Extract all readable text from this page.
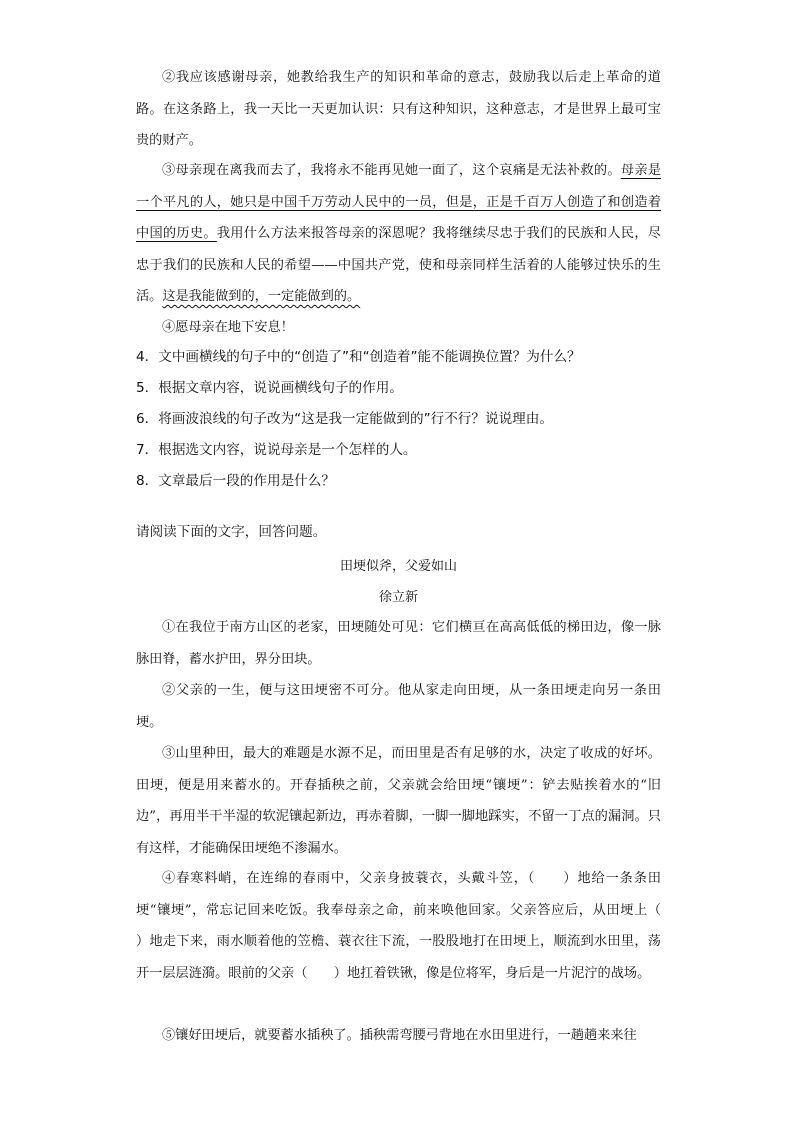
②我应该感谢母亲，她教给我生产的知识和革命的意志，鼓励我以后走上革命的道路。在这条路上，我一天比一天更加认识：只有这种知识，这种意志，才是世界上最可宝贵的财产。

③母亲现在离我而去了，我将永不能再见她一面了，这个哀痛是无法补救的。母亲是一个平凡的人，她只是中国千万劳动人民中的一员，但是，正是千百万人创造了和创造着中国的历史。我用什么方法来报答母亲的深恩呢？我将继续尽忠于我们的民族和人民，尽忠于我们的民族和人民的希望——中国共产党，使和母亲同样生活着的人能够过快乐的生活。这是我能做到的，一定能做到的。

④愿母亲在地下安息！

4．文中画横线的句子中的“创造了”和“创造着”能不能调换位置？为什么？

5．根据文章内容，说说画横线句子的作用。

6．将画波浪线的句子改为“这是我一定能做到的”行不行？说说理由。

7．根据选文内容，说说母亲是一个怎样的人。

8．文章最后一段的作用是什么？

请阅读下面的文字，回答问题。

田埂似斧，父爱如山

徐立新

①在我位于南方山区的老家，田埂随处可见：它们横亘在高高低低的梯田边，像一脉脉田脊，蓄水护田，界分田块。

②父亲的一生，便与这田埂密不可分。他从家走向田埂，从一条田埂走向另一条田埂。

③山里种田，最大的难题是水源不足，而田里是否有足够的水，决定了收成的好坏。田埂，便是用来蓄水的。开春插秧之前，父亲就会给田埂“镶埂”：铲去贴挨着水的“旧边”，再用半干半湿的软泥镶起新边，再赤着脚，一脚一脚地踩实，不留一丁点的漏洞。只有这样，才能确保田埂绝不渗漏水。

④春寒料峭，在连绵的春雨中，父亲身披蓑衣，头戴斗笠，（　　）地给一条条田埂“镶埂”，常忘记回来吃饭。我奉母亲之命，前来唤他回家。父亲答应后，从田埂上（　　）地走下来，雨水顺着他的笠檐、蓑衣往下流，一股股地打在田埂上，顺流到水田里，荡开一层层涟漪。眼前的父亲（　　）地扛着铁锹，像是位将军，身后是一片泥泞的战场。

⑤镶好田埂后，就要蓄水插秧了。插秧需弯腰弓背地在水田里进行，一趟趟来来往
